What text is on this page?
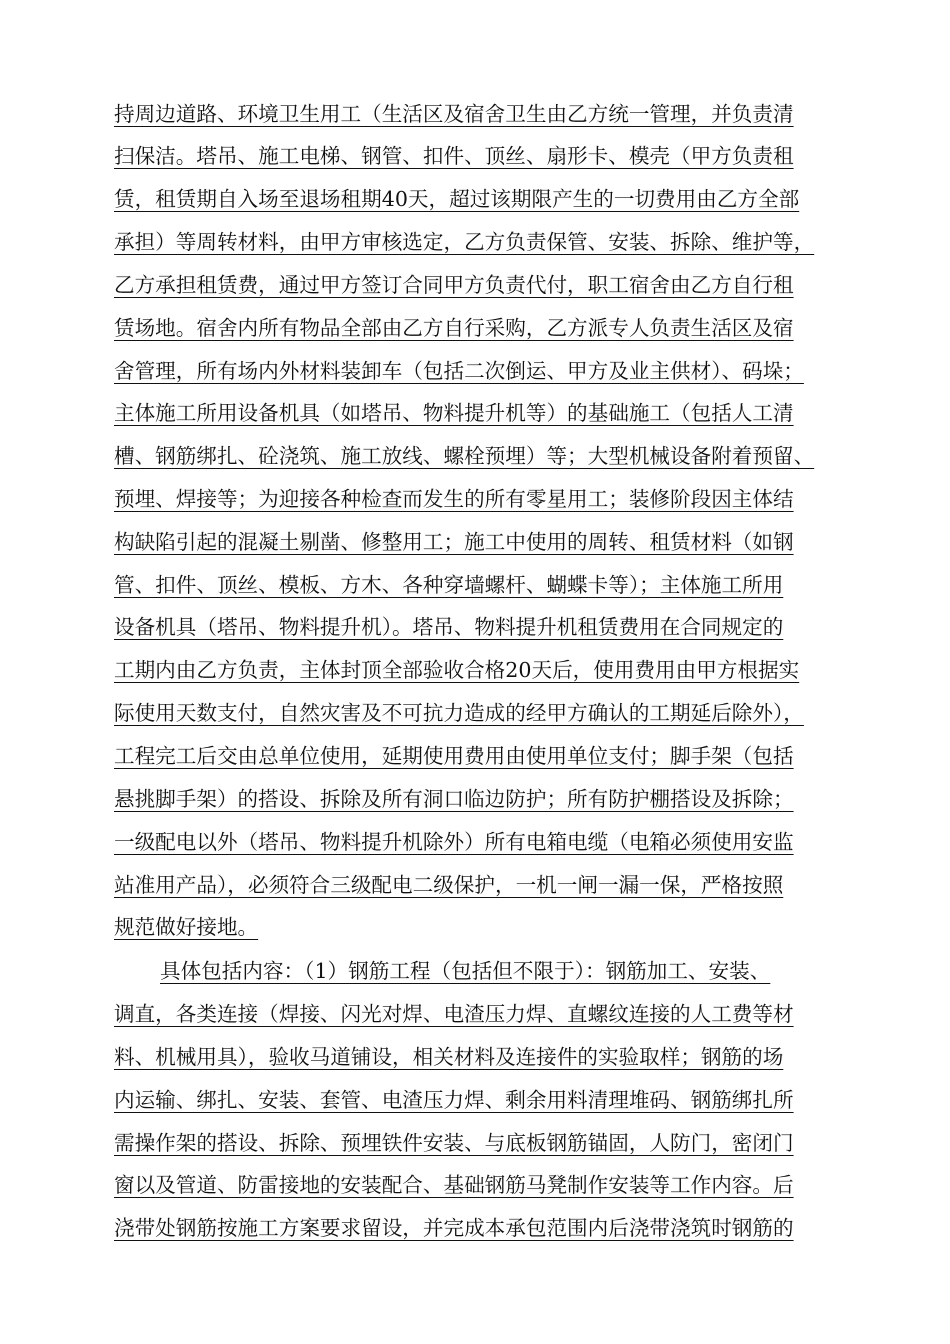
持周边道路、环境卫生用工（生活区及宿舍卫生由乙方统一管理，并负责清
扫保洁。塔吊、施工电梯、钢管、扣件、顶丝、扇形卡、模壳（甲方负责租
赁，租赁期自入场至退场租期40天，超过该期限产生的一切费用由乙方全部
承担）等周转材料，由甲方审核选定，乙方负责保管、安装、拆除、维护等，
乙方承担租赁费，通过甲方签订合同甲方负责代付，职工宿舍由乙方自行租
赁场地。宿舍内所有物品全部由乙方自行采购，乙方派专人负责生活区及宿
舍管理，所有场内外材料装卸车（包括二次倒运、甲方及业主供材）、码垛；
主体施工所用设备机具（如塔吊、物料提升机等）的基础施工（包括人工清
槽、钢筋绑扎、砼浇筑、施工放线、螺栓预埋）等；大型机械设备附着预留、
预埋、焊接等；为迎接各种检查而发生的所有零星用工；装修阶段因主体结
构缺陷引起的混凝土剔凿、修整用工；施工中使用的周转、租赁材料（如钢
管、扣件、顶丝、模板、方木、各种穿墙螺杆、蝴蝶卡等）；主体施工所用
设备机具（塔吊、物料提升机）。塔吊、物料提升机租赁费用在合同规定的
工期内由乙方负责，主体封顶全部验收合格20天后，使用费用由甲方根据实
际使用天数支付，自然灾害及不可抗力造成的经甲方确认的工期延后除外），
工程完工后交由总单位使用，延期使用费用由使用单位支付；脚手架（包括
悬挑脚手架）的搭设、拆除及所有洞口临边防护；所有防护棚搭设及拆除；
一级配电以外（塔吊、物料提升机除外）所有电箱电缆（电箱必须使用安监
站准用产品），必须符合三级配电二级保护，一机一闸一漏一保，严格按照
规范做好接地。
具体包括内容：（1）钢筋工程（包括但不限于）：钢筋加工、安装、
调直，各类连接（焊接、闪光对焊、电渣压力焊、直螺纹连接的人工费等材
料、机械用具），验收马道铺设，相关材料及连接件的实验取样；钢筋的场
内运输、绑扎、安装、套管、电渣压力焊、剩余用料清理堆码、钢筋绑扎所
需操作架的搭设、拆除、预埋铁件安装、与底板钢筋锚固，人防门，密闭门
窗以及管道、防雷接地的安装配合、基础钢筋马凳制作安装等工作内容。后
浇带处钢筋按施工方案要求留设，并完成本承包范围内后浇带浇筑时钢筋的
